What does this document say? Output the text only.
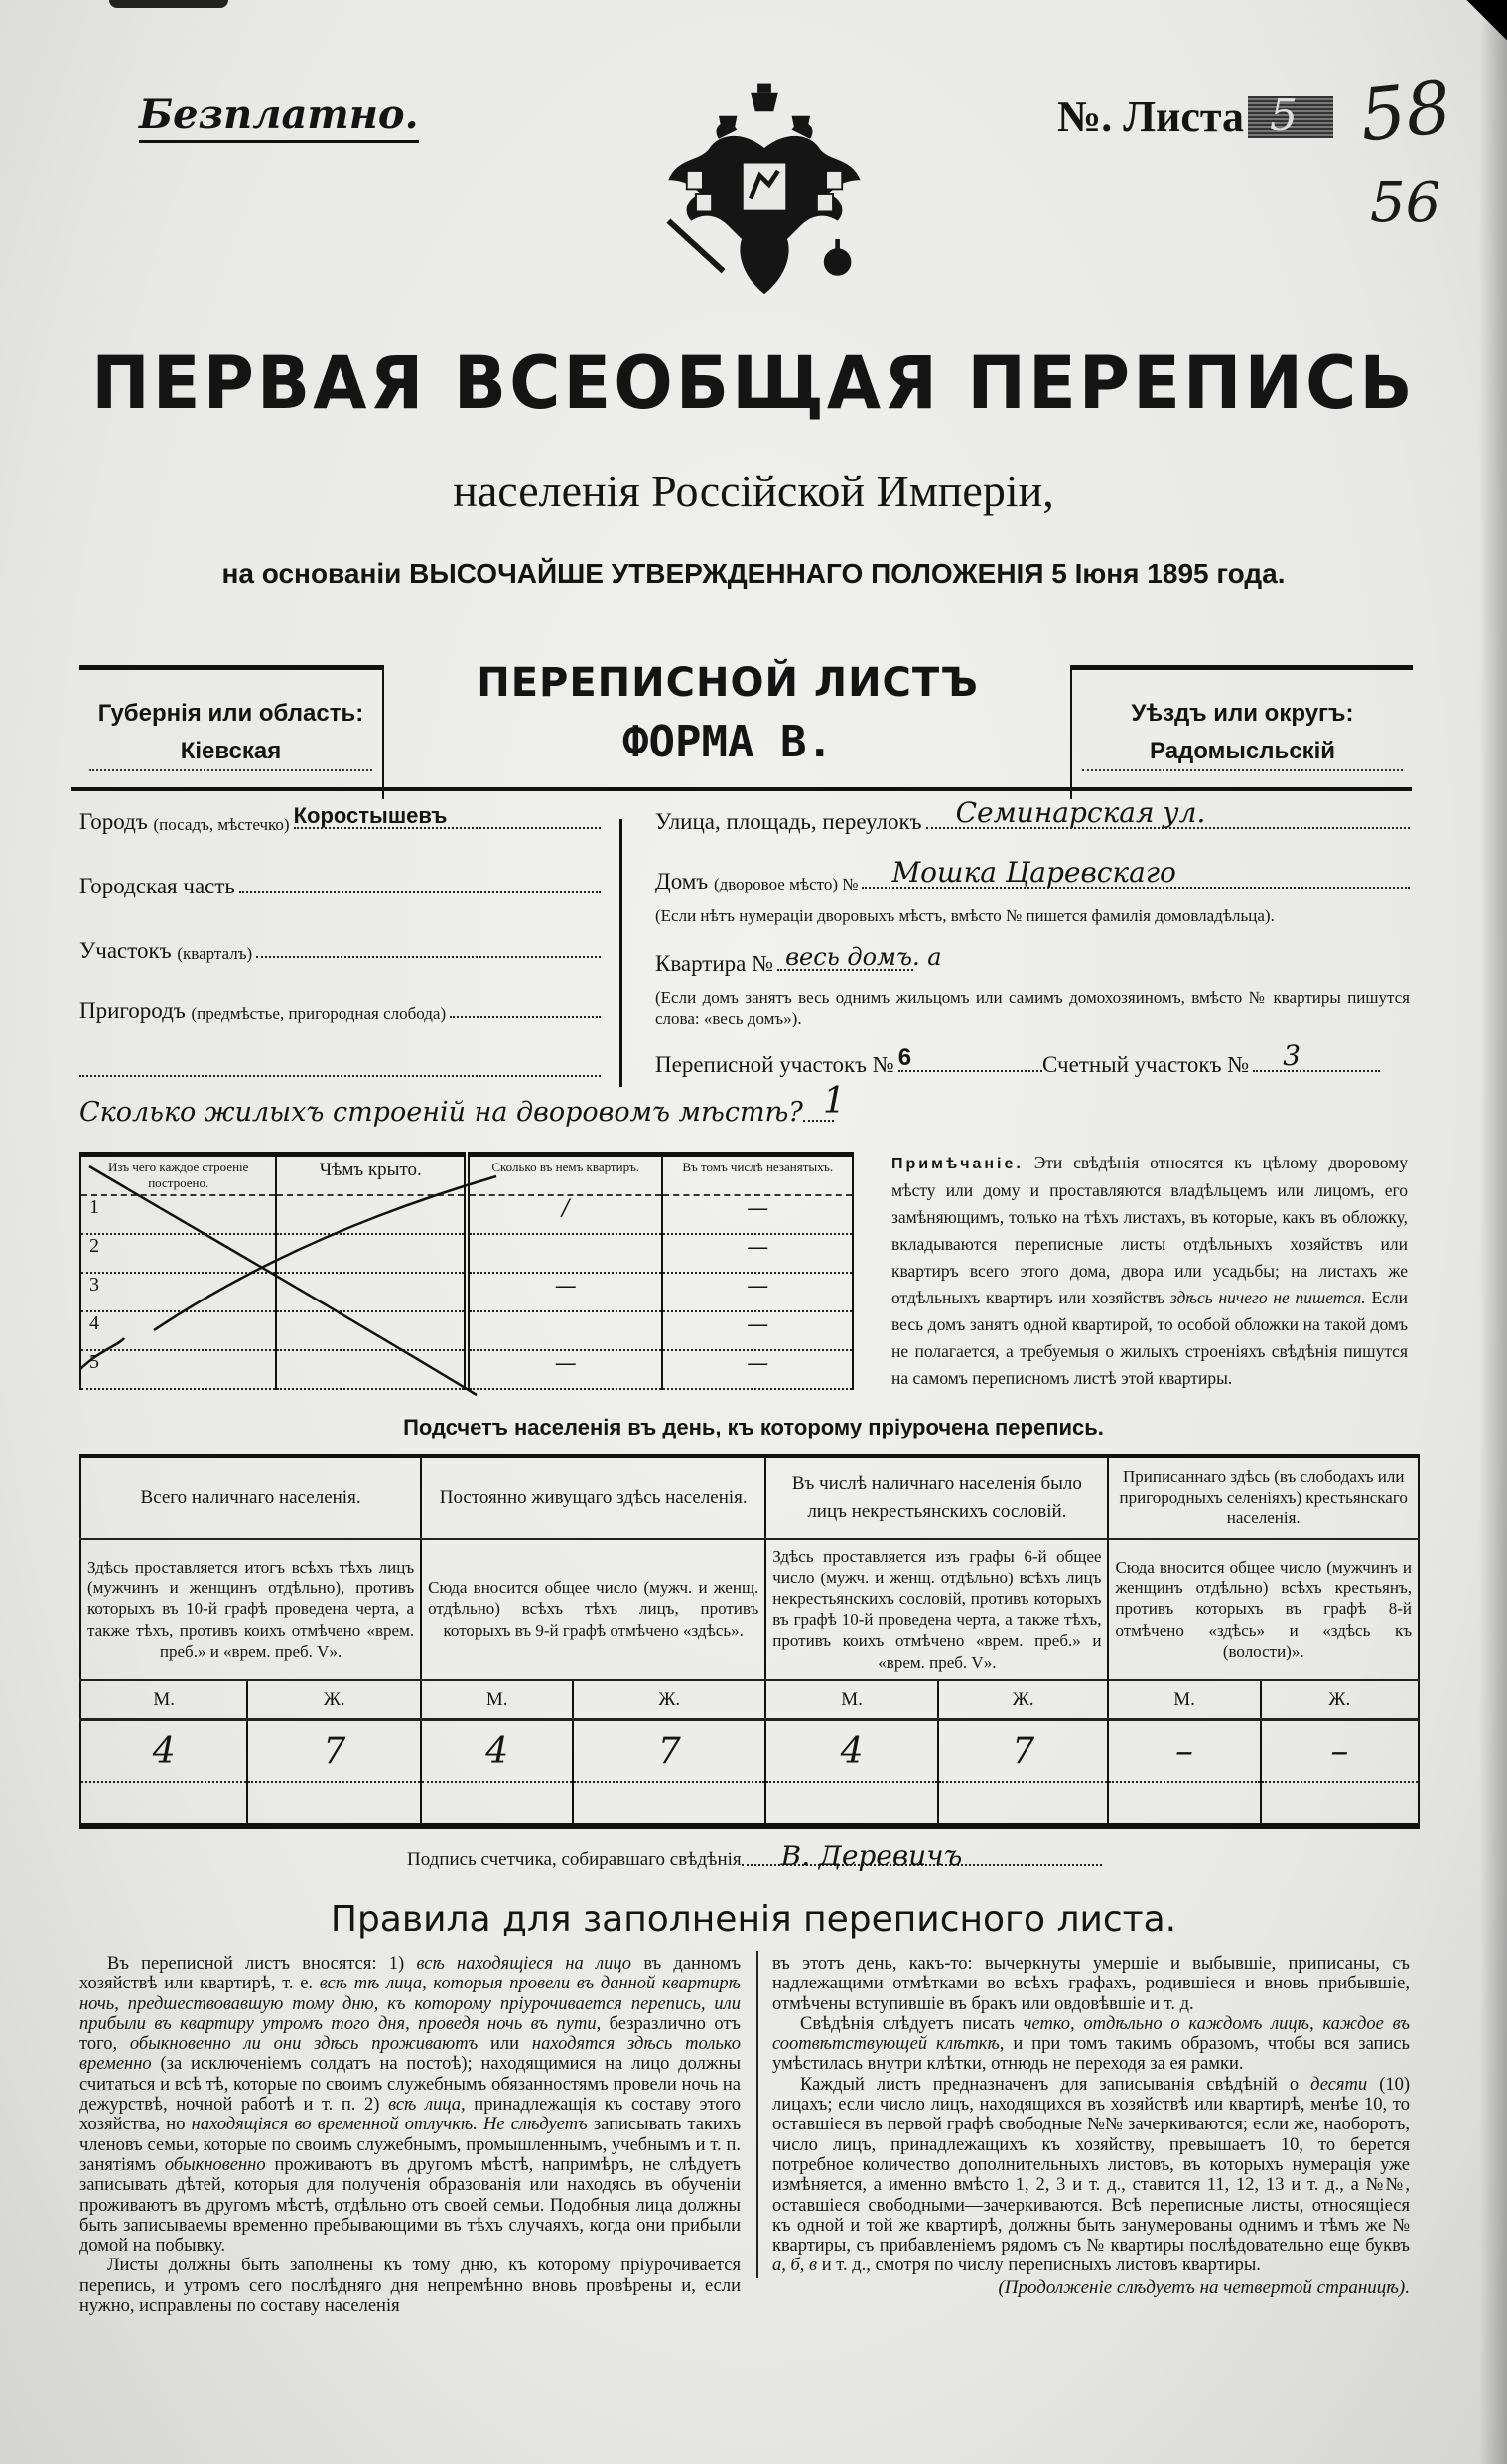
Безплатно.	№. Листа 5 58
56
ПЕРВАЯ ВСЕОБЩАЯ ПЕРЕПИСЬ
населенія Россійской Имперіи,
на основаніи ВЫСОЧАЙШЕ УТВЕРЖДЕННАГО ПОЛОЖЕНІЯ 5 Іюня 1895 года.
Губернія или область:
Кіевская
ПЕРЕПИСНОЙ ЛИСТЪ
ФОРМА В.
Уѣздъ или округъ:
Радомысльскій
Городъ
(посадъ, мѣстечко) Коростышевъ
Городская часть
Участокъ
(кварталъ)
Пригородъ
(предмѣстье, пригородная слобода)
Улица, площадь, переулокъ Семинарская ул.
Домъ
(дворовое мѣсто) № Мошка Царевскаго
(Если нѣтъ нумераціи дворовыхъ мѣстъ, вмѣсто № пишется фамилія домовладѣльца).
Квартира № весь домъ. а
(Если домъ занятъ весь однимъ жильцомъ или самимъ домохозяиномъ, вмѣсто № квартиры пишутся слова: «весь домъ»).
Переписной участокъ № 6	Счетный участокъ № 3
Сколько жилыхъ строеній на дворовомъ мѣстѣ? 1
Изъ чего каждое строеніе построено.	Чѣмъ крыто.	Сколько въ немъ квартиръ.	Въ томъ числѣ незанятыхъ.
1		/	—
2			—
3		—	—
4			—
5		—	—
Примѣчаніе. Эти свѣдѣнія относятся къ цѣлому дворовому мѣсту или дому и проставляются владѣльцемъ или лицомъ, его замѣняющимъ, только на тѣхъ листахъ, въ которые, какъ въ обложку, вкладываются переписные листы отдѣльныхъ хозяйствъ или квартиръ всего этого дома, двора или усадьбы; на листахъ же отдѣльныхъ квартиръ или хозяйствъ здѣсь ничего не пишется. Если весь домъ занятъ одной квартирой, то особой обложки на такой домъ не полагается, а требуемыя о жилыхъ строеніяхъ свѣдѣнія пишутся на самомъ переписномъ листѣ этой квартиры.
Подсчетъ населенія въ день, къ которому пріурочена перепись.
Всего наличнаго населенія.		Постоянно живущаго здѣсь населенія.		Въ числѣ наличнаго населенія было лицъ некрестьянскихъ сословій.		Приписаннаго здѣсь (въ слободахъ или пригородныхъ селеніяхъ) крестьянскаго населенія.	
Здѣсь проставляется итогъ всѣхъ тѣхъ лицъ (мужчинъ и женщинъ отдѣльно), противъ которыхъ въ 10-й графѣ проведена черта, а также тѣхъ, противъ коихъ отмѣчено «врем. преб.» и «врем. преб. V».		Сюда вносится общее число (мужч. и женщ. отдѣльно) всѣхъ тѣхъ лицъ, противъ которыхъ въ 9-й графѣ отмѣчено «здѣсь».		Здѣсь проставляется изъ графы 6-й общее число (мужч. и женщ. отдѣльно) всѣхъ лицъ некрестьянскихъ сословій, противъ которыхъ въ графѣ 10-й проведена черта, а также тѣхъ, противъ коихъ отмѣчено «врем. преб.» и «врем. преб. V».		Сюда вносится общее число (мужчинъ и женщинъ отдѣльно) всѣхъ крестьянъ, противъ которыхъ въ графѣ 8-й отмѣчено «здѣсь» и «здѣсь къ (волости)».	
М.	Ж.	М.	Ж.	М.	Ж.	М.	Ж.
4	7	4	7	4	7	–	–

Подпись счетчика, собиравшаго свѣдѣнія В. Деревичъ
Правила для заполненія переписного листа.

Въ переписной листъ вносятся: 1) всѣ находящіеся на лицо въ данномъ хозяйствѣ или квартирѣ, т. е. всѣ тѣ лица, которыя провели въ данной квартирѣ ночь, предшествовавшую тому дню, къ которому пріурочивается перепись, или прибыли въ квартиру утромъ того дня, проведя ночь въ пути, безразлично отъ того, обыкновенно ли они здѣсь проживаютъ или находятся здѣсь только временно (за исключеніемъ солдатъ на постоѣ); находящимися на лицо должны считаться и всѣ тѣ, которые по своимъ служебнымъ обязанностямъ провели ночь на дежурствѣ, ночной работѣ и т. п. 2) всѣ лица, принадлежащія къ составу этого хозяйства, но находящіяся во временной отлучкѣ. Не слѣдуетъ записывать такихъ членовъ семьи, которые по своимъ служебнымъ, промышленнымъ, учебнымъ и т. п. занятіямъ обыкновенно проживаютъ въ другомъ мѣстѣ, напримѣръ, не слѣдуетъ записывать дѣтей, которыя для полученія образованія или находясь въ обученіи проживаютъ въ другомъ мѣстѣ, отдѣльно отъ своей семьи. Подобныя лица должны быть записываемы временно пребывающими въ тѣхъ случаяхъ, когда они прибыли домой на побывку.

Листы должны быть заполнены къ тому дню, къ которому пріурочивается перепись, и утромъ сего послѣдняго дня непремѣнно вновь провѣрены и, если нужно, исправлены по составу населенія

въ этотъ день, какъ-то: вычеркнуты умершіе и выбывшіе, приписаны, съ надлежащими отмѣтками во всѣхъ графахъ, родившіеся и вновь прибывшіе, отмѣчены вступившіе въ бракъ или овдовѣвшіе и т. д.

Свѣдѣнія слѣдуетъ писать четко, отдѣльно о каждомъ лицѣ, каждое въ соотвѣтствующей клѣткѣ, и при томъ такимъ образомъ, чтобы вся запись умѣстилась внутри клѣтки, отнюдь не переходя за ея рамки.

Каждый листъ предназначенъ для записыванія свѣдѣній о десяти (10) лицахъ; если число лицъ, находящихся въ хозяйствѣ или квартирѣ, менѣе 10, то оставшіеся въ первой графѣ свободные №№ зачеркиваются; если же, наоборотъ, число лицъ, принадлежащихъ къ хозяйству, превышаетъ 10, то берется потребное количество дополнительныхъ листовъ, въ которыхъ нумерація уже измѣняется, а именно вмѣсто 1, 2, 3 и т. д., ставится 11, 12, 13 и т. д., а №№, оставшіеся свободными—зачеркиваются. Всѣ переписные листы, относящіеся къ одной и той же квартирѣ, должны быть занумерованы однимъ и тѣмъ же № квартиры, съ прибавленіемъ рядомъ съ № квартиры послѣдовательно еще буквъ а, б, в и т. д., смотря по числу переписныхъ листовъ квартиры.

(Продолженіе слѣдуетъ на четвертой страницѣ).
